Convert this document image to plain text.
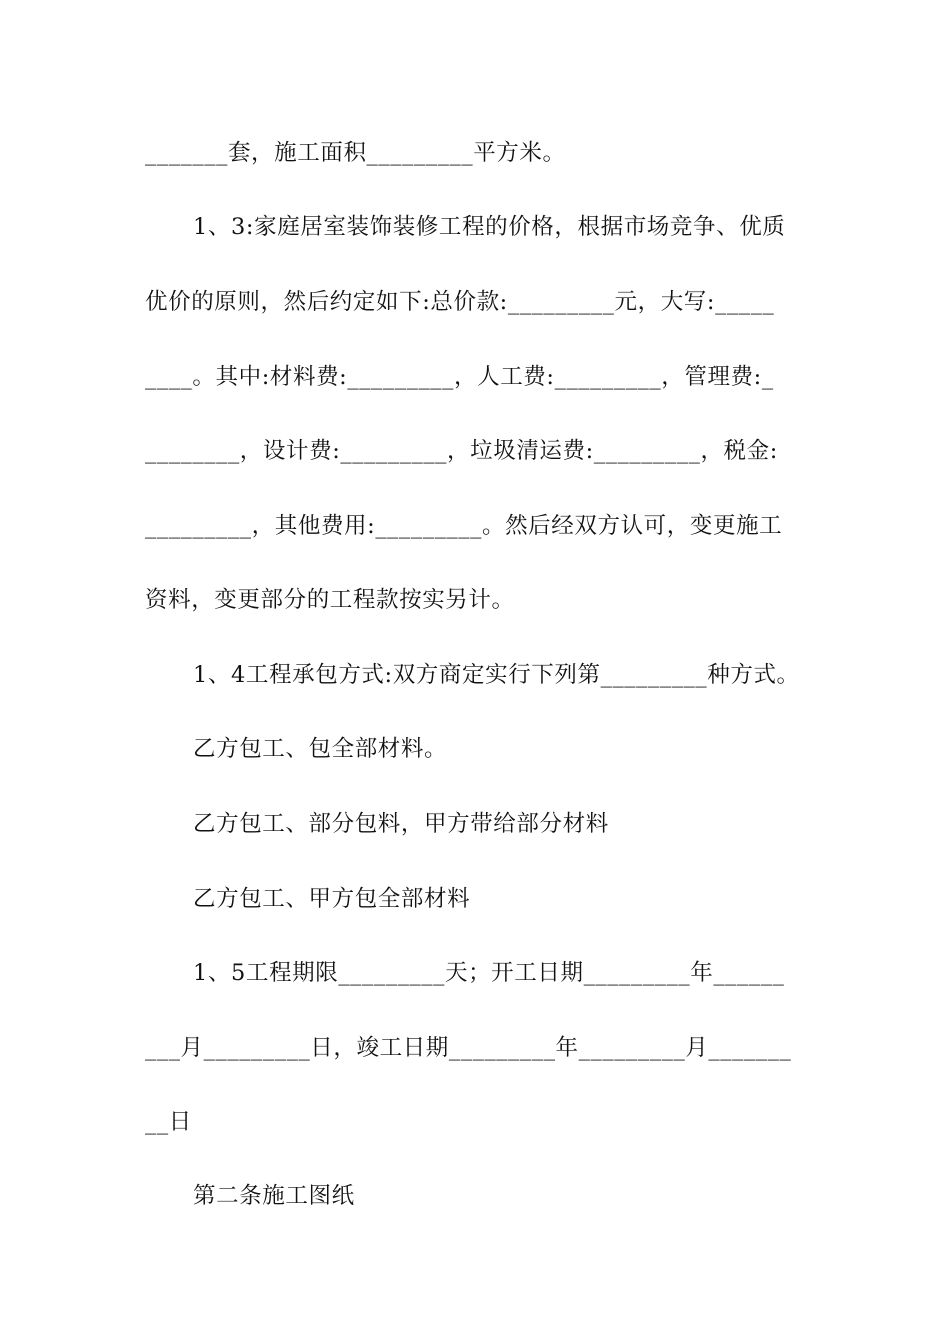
_______套，施工面积_________平方米。
1、3:家庭居室装饰装修工程的价格，根据市场竞争、优质
优价的原则，然后约定如下:总价款:_________元，大写:_____
____。其中:材料费:_________，人工费:_________，管理费:_
________，设计费:_________，垃圾清运费:_________，税金:
_________，其他费用:_________。然后经双方认可，变更施工
资料，变更部分的工程款按实另计。
1、4工程承包方式:双方商定实行下列第_________种方式。
乙方包工、包全部材料。
乙方包工、部分包料，甲方带给部分材料
乙方包工、甲方包全部材料
1、5工程期限_________天；开工日期_________年______
___月_________日，竣工日期_________年_________月_______
__日
第二条施工图纸
